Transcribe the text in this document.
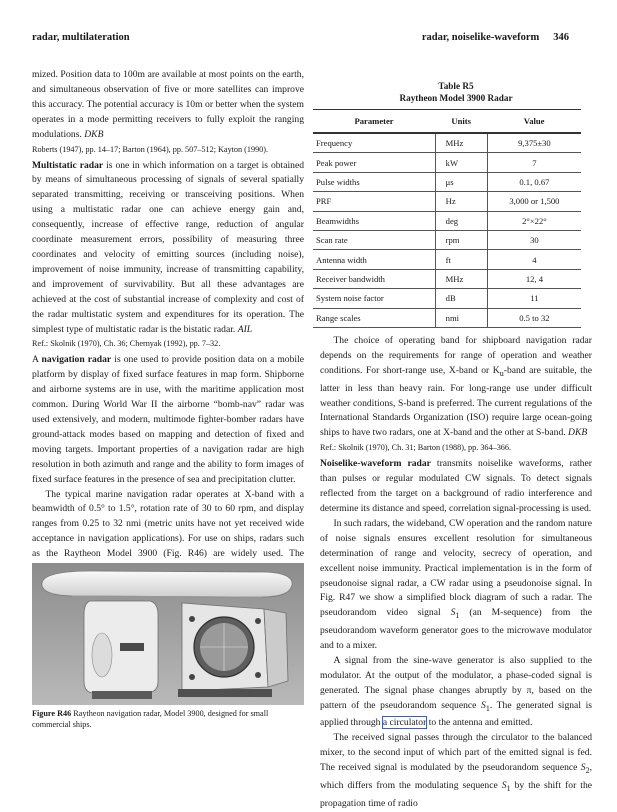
radar, multilateration	radar, noiselike-waveform 346

mized. Position data to 100m are available at most points on the earth, and simultaneous observation of five or more satellites can improve this accuracy. The potential accuracy is 10m or better when the system operates in a mode permitting receivers to fully exploit the ranging modulations. DKB

Roberts (1947), pp. 14–17; Barton (1964), pp. 507–512; Kayton (1990).

Multistatic radar is one in which information on a target is obtained by means of simultaneous processing of signals of several spatially separated transmitting, receiving or transceiving positions. When using a multistatic radar one can achieve energy gain and, consequently, increase of effective range, reduction of angular coordinate measurement errors, possibility of measuring three coordinates and velocity of emitting sources (including noise), improvement of noise immunity, increase of transmitting capability, and improvement of survivability. But all these advantages are achieved at the cost of substantial increase of complexity and cost of the radar multistatic system and expenditures for its operation. The simplest type of multistatic radar is the bistatic radar. AIL

Ref.: Skolnik (1970), Ch. 36; Chernyak (1992), pp. 7–32.

A navigation radar is one used to provide position data on a mobile platform by display of fixed surface features in map form. Shipborne and airborne systems are in use, with the maritime application most common. During World War II the airborne “bomb-nav” radar was used extensively, and modern, multimode fighter-bomber radars have ground-attack modes based on mapping and detection of fixed and moving targets. Important properties of a navigation radar are high resolution in both azimuth and range and the ability to form images of fixed surface features in the presence of sea and precipitation clutter.

The typical marine navigation radar operates at X-band with a beamwidth of 0.5° to 1.5°, rotation rate of 30 to 60 rpm, and display ranges from 0.25 to 32 nmi (metric units have not yet received wide acceptance in navigation applications). For use on ships, radars such as the Raytheon Model 3900 (Fig. R46) are widely used. The

Figure R46 Raytheon navigation radar, Model 3900, designed for small commercial ships.
Table R5
Raytheon Model 3900 Radar
Parameter	Units	Value
Frequency	MHz	9,375±30
Peak power	kW	7
Pulse widths	μs	0.1, 0.67
PRF	Hz	3,000 or 1,500
Beamwidths	deg	2°×22°
Scan rate	rpm	30
Antenna width	ft	4
Receiver bandwidth	MHz	12, 4
System noise factor	dB	11
Range scales	nmi	0.5 to 32

The choice of operating band for shipboard navigation radar depends on the requirements for range of operation and weather conditions. For short-range use, X-band or $K_u$-band are suitable, the latter in less than heavy rain. For long-range use under difficult weather conditions, S-band is preferred. The current regulations of the International Standards Organization (ISO) require large ocean-going ships to have two radars, one at X-band and the other at S-band. DKB

Ref.: Skolnik (1970), Ch. 31; Barton (1988), pp. 364–366.

Noiselike-waveform radar transmits noiselike waveforms, rather than pulses or regular modulated CW signals. To detect signals reflected from the target on a background of radio interference and determine its distance and speed, correlation signal-processing is used.

In such radars, the wideband, CW operation and the random nature of noise signals ensures excellent resolution for simultaneous determination of range and velocity, secrecy of operation, and excellent noise immunity. Practical implementation is in the form of pseudonoise signal radar, a CW radar using a pseudonoise signal. In Fig. R47 we show a simplified block diagram of such a radar. The pseudorandom video signal $S_1$ (an M-sequence) from the pseudorandom waveform generator goes to the microwave modulator and to a mixer.

A signal from the sine-wave generator is also supplied to the modulator. At the output of the modulator, a phase-coded signal is generated. The signal phase changes abruptly by π, based on the pattern of the pseudorandom sequence $S_1$. The generated signal is applied through a circulator to the antenna and emitted.

The received signal passes through the circulator to the balanced mixer, to the second input of which part of the emitted signal is fed. The received signal is modulated by the pseudorandom sequence $S_2$, which differs from the modulating sequence $S_1$ by the shift for the propagation time of radio
